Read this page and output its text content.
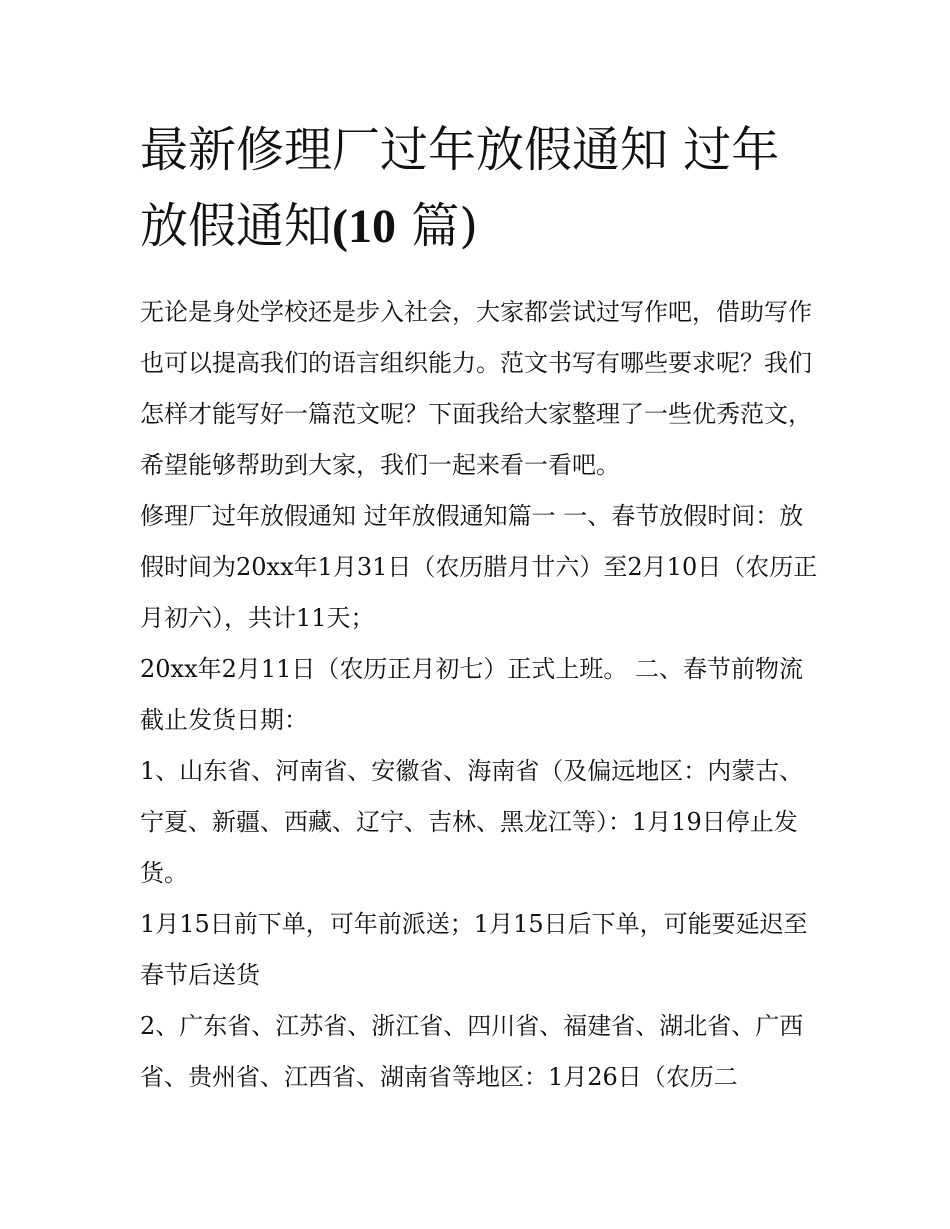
最新修理厂过年放假通知 过年放假通知(10 篇)

无论是身处学校还是步入社会，大家都尝试过写作吧，借助写作也可以提高我们的语言组织能力。范文书写有哪些要求呢？我们怎样才能写好一篇范文呢？下面我给大家整理了一些优秀范文，希望能够帮助到大家，我们一起来看一看吧。

修理厂过年放假通知 过年放假通知篇一 一、春节放假时间：放假时间为20xx年1月31日（农历腊月廿六）至2月10日（农历正月初六），共计11天；

20xx年2月11日（农历正月初七）正式上班。 二、春节前物流截止发货日期：

1、山东省、河南省、安徽省、海南省（及偏远地区：内蒙古、宁夏、新疆、西藏、辽宁、吉林、黑龙江等）：1月19日停止发货。

1月15日前下单，可年前派送；1月15日后下单，可能要延迟至春节后送货

2、广东省、江苏省、浙江省、四川省、福建省、湖北省、广西省、贵州省、江西省、湖南省等地区：1月26日（农历二
